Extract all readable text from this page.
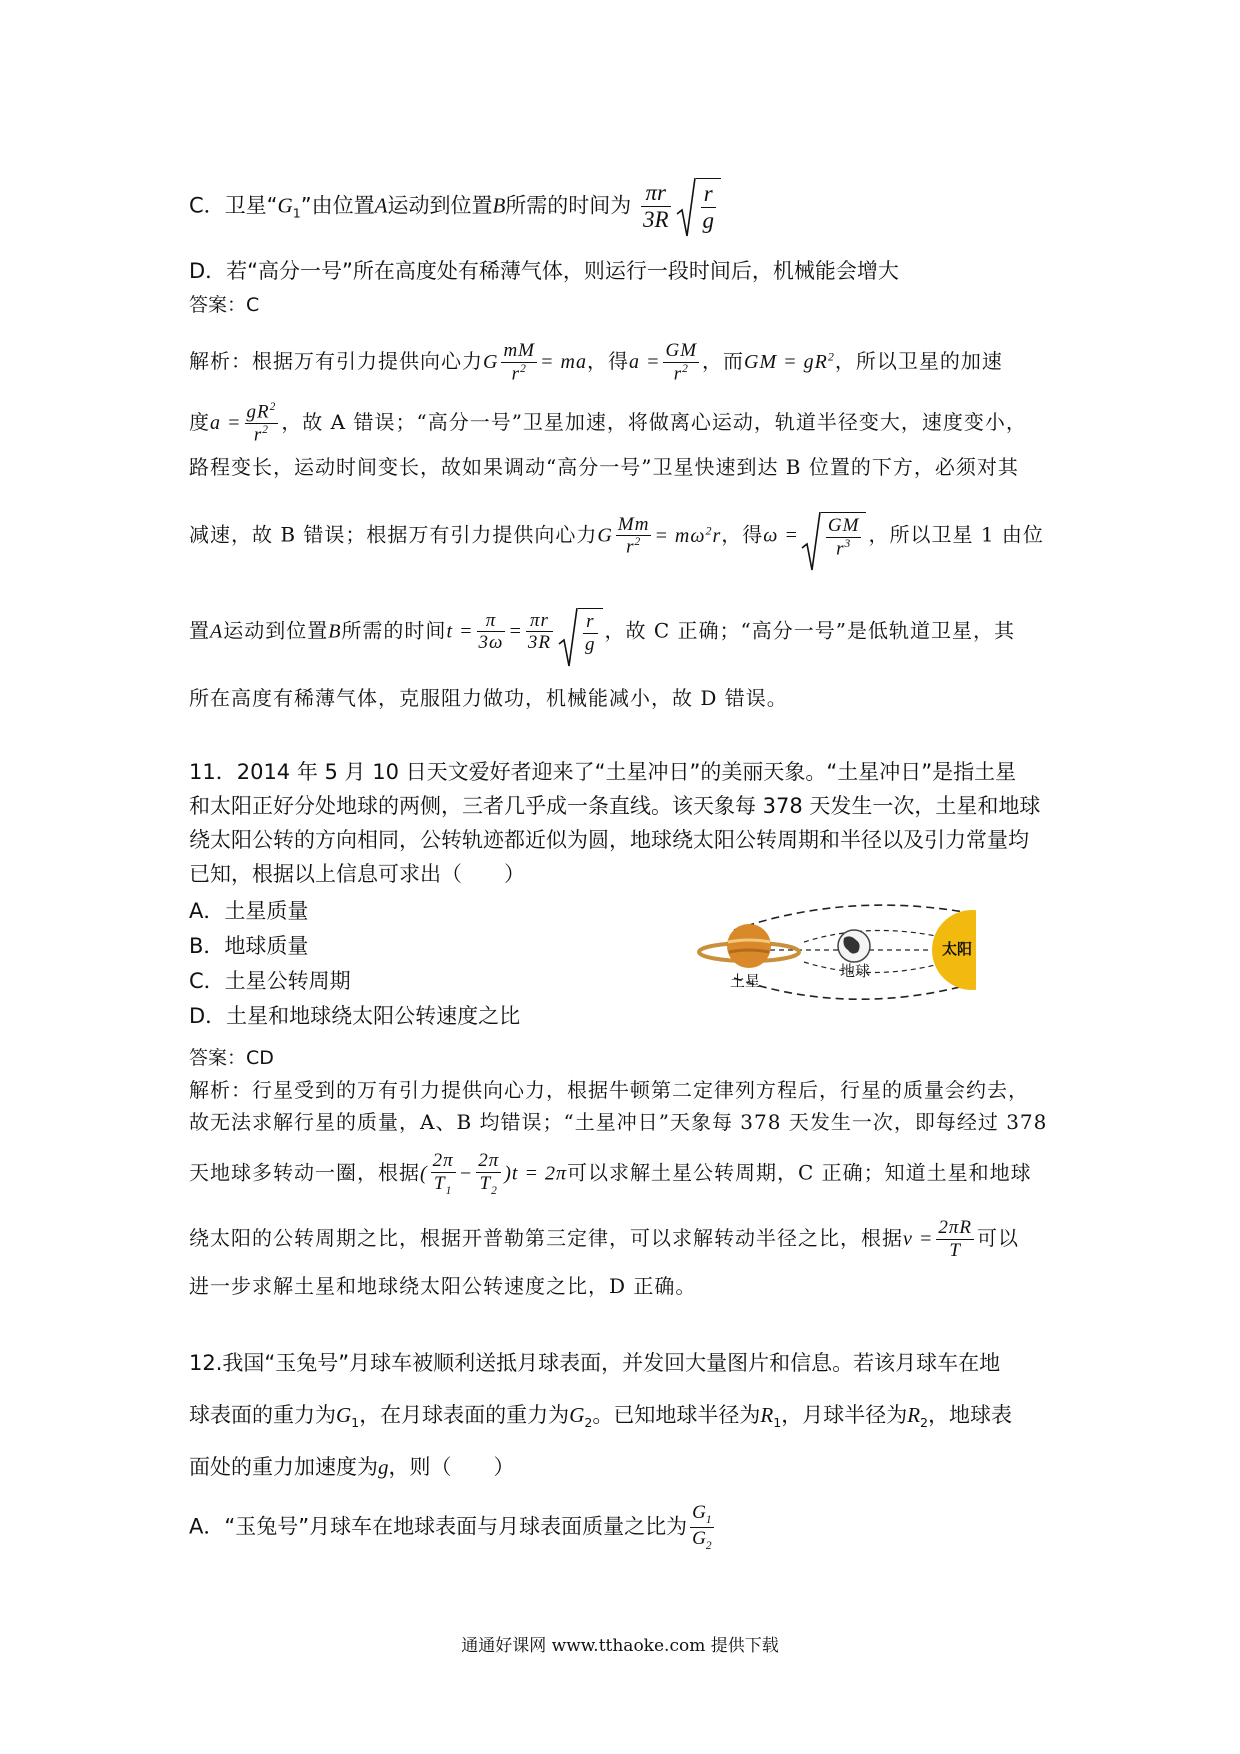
C．卫星“$G_1$”由位置A运动到位置B所需的时间为 $\frac{\pi r}{3R} \frac{r}{g}$
D．若“高分一号”所在高度处有稀薄气体，则运行一段时间后，机械能会增大
答案：C
解析：根据万有引力提供向心力G $\frac{mM}{r^2}$ = ma，得$a = \frac{GM}{r^2}$ ，而GM = $gR^2$，所以卫星的加速
度$a = \frac{gR^2}{r^2}$ ，故 A 错误；“高分一号”卫星加速，将做离心运动，轨道半径变大，速度变小，
路程变长，运动时间变长，故如果调动“高分一号”卫星快速到达 B 位置的下方，必须对其
减速，故 B 错误；根据万有引力提供向心力G $\frac{Mm}{r^2} = m\omega^2r$，得$\omega = \frac{GM}{r^3}$ ，所以卫星 1 由位
置A运动到位置B所需的时间$t = \frac{\pi}{3\omega} = \frac{\pi r}{3R} \frac{r}{g}$ ，故 C 正确；“高分一号”是低轨道卫星，其
所在高度有稀薄气体，克服阻力做功，机械能减小，故 D 错误。
11．2014 年 5 月 10 日天文爱好者迎来了“土星冲日”的美丽天象。“土星冲日”是指土星
和太阳正好分处地球的两侧，三者几乎成一条直线。该天象每 378 天发生一次，土星和地球
绕太阳公转的方向相同，公转轨迹都近似为圆，地球绕太阳公转周期和半径以及引力常量均
已知，根据以上信息可求出（　　）
A．土星质量
B．地球质量
C．土星公转周期
D．土星和地球绕太阳公转速度之比
土星
地球
太阳
答案：CD
解析：行星受到的万有引力提供向心力，根据牛顿第二定律列方程后，行星的质量会约去，
故无法求解行星的质量，A、B 均错误；“土星冲日”天象每 378 天发生一次，即每经过 378
天地球多转动一圈，根据( $\frac{2\pi}{T_1} - \frac{2\pi}{T_2} )t = 2\pi$可以求解土星公转周期，C 正确；知道土星和地球
绕太阳的公转周期之比，根据开普勒第三定律，可以求解转动半径之比，根据$v = \frac{2\pi R}{T}$ 可以
进一步求解土星和地球绕太阳公转速度之比，D 正确。
12.我国“玉兔号”月球车被顺利送抵月球表面，并发回大量图片和信息。若该月球车在地
球表面的重力为$G_1$，在月球表面的重力为$G_2$。已知地球半径为$R_1$，月球半径为$R_2$，地球表
面处的重力加速度为g，则（　　）
A．“玉兔号”月球车在地球表面与月球表面质量之比为 $\frac{G_1}{G_2}$
通通好课网 www.tthaoke.com 提供下载
